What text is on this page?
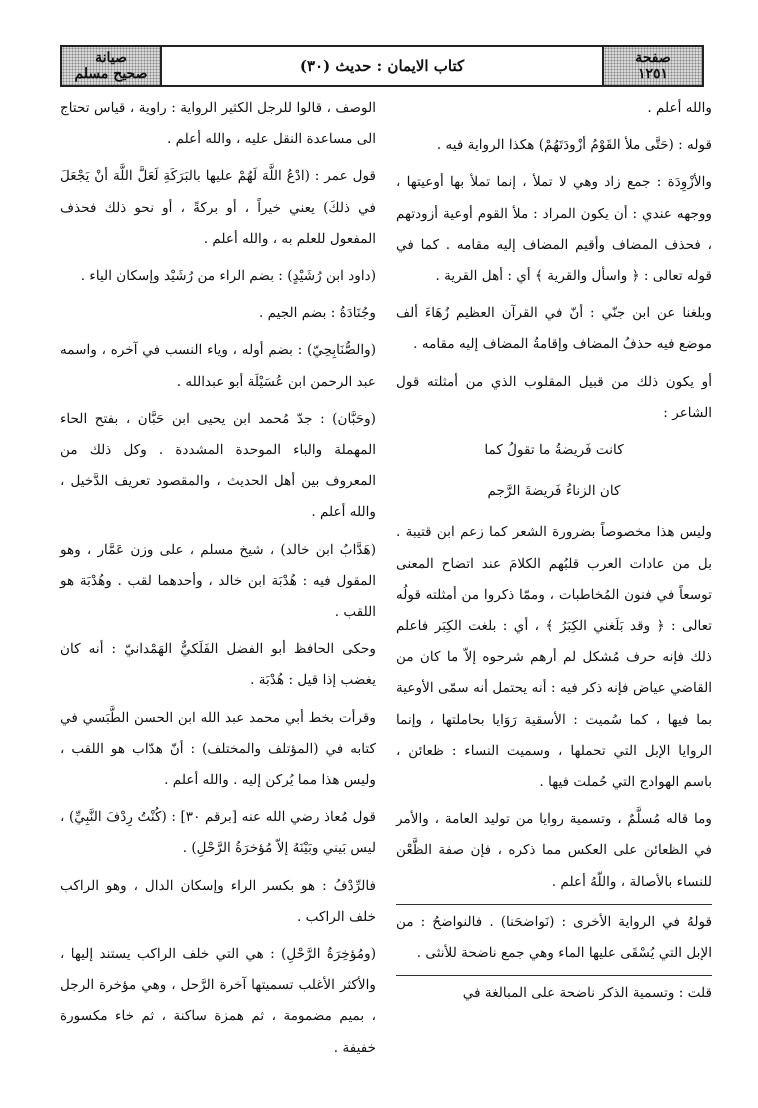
صيانة
صحيح مسلم	كتاب الايمان : حديث (٣٠)	صفحة
١٢٥١

والله أعلم .

قوله : (حَتَّى ملأ القَوْمُ أزْودَتَهُمْ) هكذا الرواية فيه .

والأزْوِدَة : جمع زاد وهي لا تملأ ، إنما تملأ بها أوعيتها ، ووجهه عندي : أن يكون المراد : ملأ القوم أوعية أزودتهم ، فحذف المضاف وأقيم المضاف إليه مقامه . كما في قوله تعالى : ﴿ واسأل والقرية ﴾ أي : أهل القرية .

وبلغنا عن ابن جنّي : أنّ في القرآن العظيم زُهَاءَ ألف موضع فيه حذفُ المضاف وإقامةُ المضاف إليه مقامه .

أو يكون ذلك من قبيل المقلوب الذي من أمثلته قول الشاعر :

كانت فَريضةُ ما تقولُ كما

كان الزناءُ فَريضةَ الرَّجم

وليس هذا مخصوصاً بضرورة الشعر كما زعم ابن قتيبة . بل من عادات العرب قلبُهم الكلامَ عند اتضاح المعنى توسعاً في فنون المُخاطبات ، وممّا ذكروا من أمثلته قولُه تعالى : ﴿ وقد بَلَغني الكِبَرُ ﴾ ، أي : بلغت الكِبَر فاعلم ذلك فإنه حرف مُشكل لم أرهم شرحوه إلاّ ما كان من القاضي عياض فإنه ذكر فيه : أنه يحتمل أنه سمّى الأوعية بما فيها ، كما سُميت : الأسقية رَوَايا بحاملتها ، وإنما الروايا الإبل التي تحملها ، وسميت النساء : ظعائن ، باسم الهوادج التي حُملت فيها .

وما قاله مُسلَّمٌ ، وتسمية روايا من توليد العامة ، والأمر في الظعائن على العكس مما ذكره ، فإن صفة الظَّعْن للنساء بالأصالة ، واللّهُ أعلم .

قولهُ في الرواية الأخرى : (نَواضحَنا) . فالنواضحُ : من الإبل التي يُسْقَى عليها الماء وهي جمع ناضحة للأنثى .

قلت : وتسمية الذكر ناضحة على المبالغة في

الوصف ، قالوا للرجل الكثير الرواية : راوية ، قياس تحتاج الى مساعدة النقل عليه ، والله أعلم .

قول عمر : (ادْعُ اللَّهَ لَهُمْ عليها بالبَرَكَةِ لَعَلَّ اللَّهَ أنْ يَجْعَلَ في ذلكَ) يعني خيراً ، أو بركةً ، أو نحو ذلك فحذف المفعول للعلم به ، والله أعلم .

(داود ابن رُشَيْدٍ) : بضم الراء من رُشَيْد وإسكان الياء .

وجُنَادَةُ : بضم الجيم .

(والصُّنَابِحِيّ) : بضم أوله ، وياء النسب في آخره ، واسمه عبد الرحمن ابن عُسَيْلَة أبو عبدالله .

(وحَبَّان) : جدّ مُحمد ابن يحيى ابن حَبَّان ، بفتح الحاء المهملة والباء الموحدة المشددة . وكل ذلك من المعروف بين أهل الحديث ، والمقصود تعريف الدَّخيل ، والله أعلم .

(هَدَّابُ ابن خالد) ، شيخ مسلم ، على وزن عَمَّار ، وهو المقول فيه : هُدْبَة ابن خالد ، وأحدهما لقب . وهُدْبَة هو اللقب .

وحكى الحافظ أبو الفضل الفَلَكيُّ الهَمْدانيّ : أنه كان يغضب إذا قيل : هُدْبَة .

وقرأت بخط أبي محمد عبد الله ابن الحسن الطَّبَسي في كتابه في (المؤتلف والمختلف) : أنّ هدّاب هو اللقب ، وليس هذا مما يُركن إليه . والله أعلم .

قول مُعاذ رضي الله عنه [برقم ٣٠] : (كُنْتُ رِدْفَ النَّبِيِّ) ، ليس بَيني وبَيْنَهُ إلاّ مُؤخرَةُ الرَّحْلِ) .

فالرِّدْفُ : هو بكسر الراء وإسكان الدال ، وهو الراكب خلف الراكب .

(ومُؤخِرَةُ الرَّحْلِ) : هي التي خلف الراكب يستند إليها ، والأكثر الأغلب تسميتها آخرة الرَّحل ، وهي مؤخرة الرجل ، بميم مضمومة ، ثم همزة ساكنة ، ثم خاء مكسورة خفيفة .
